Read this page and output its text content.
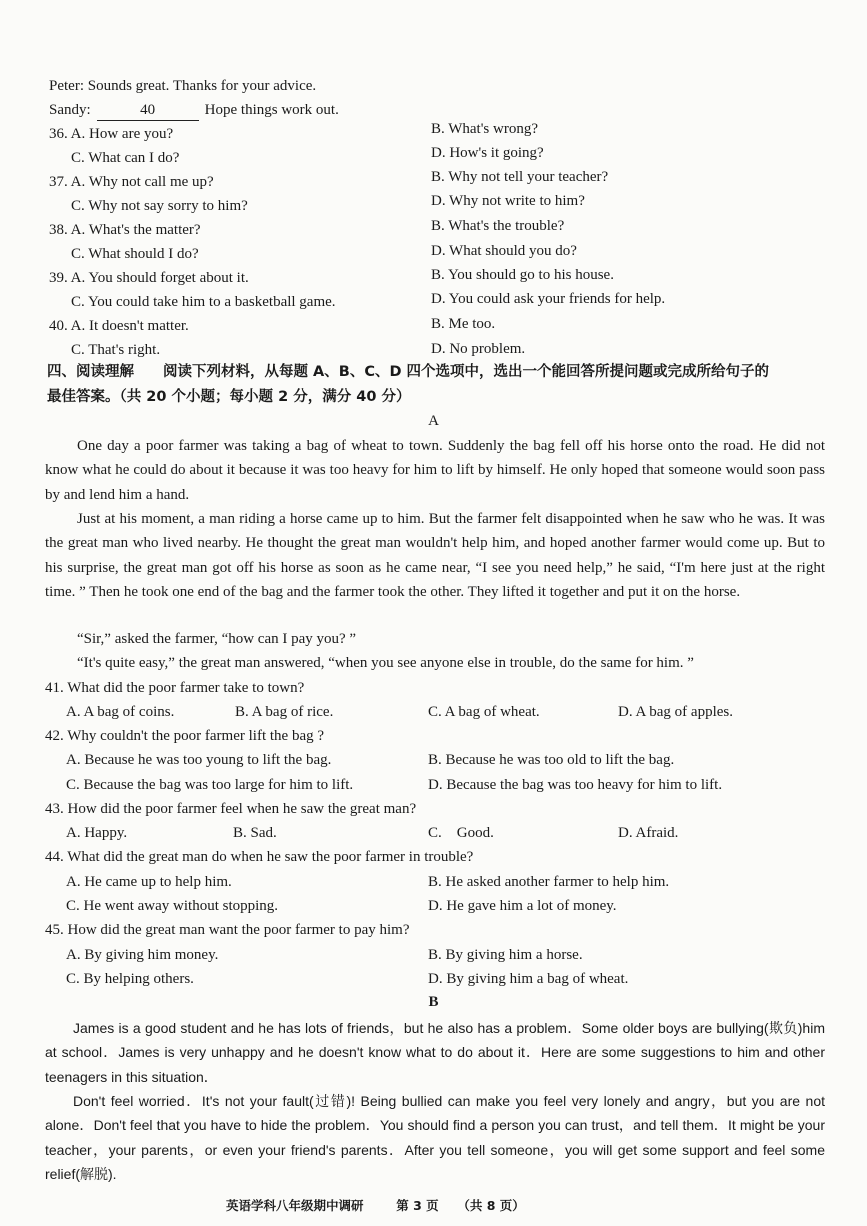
Peter: Sounds great. Thanks for your advice.
Sandy:	40	Hope things work out.
36. A. How are you?	B. What's wrong?
C. What can I do?	D. How's it going?
37. A. Why not call me up?	B. Why not tell your teacher?
C. Why not say sorry to him?	D. Why not write to him?
38. A. What's the matter?	B. What's the trouble?
C. What should I do?	D. What should you do?
39. A. You should forget about it.	B. You should go to his house.
C. You could take him to a basketball game.	D. You could ask your friends for help.
40. A. It doesn't matter.	B. Me too.
C. That's right.	D. No problem.
四、阅读理解　　阅读下列材料，从每题 A、B、C、D 四个选项中，选出一个能回答所提问题或完成所给句子的
最佳答案。（共 20 个小题；每小题 2 分，满分 40 分）
A
One day a poor farmer was taking a bag of wheat to town. Suddenly the bag fell off his horse onto the road. He did not know what he could do about it because it was too heavy for him to lift by himself. He only hoped that someone would soon pass by and lend him a hand.
Just at his moment, a man riding a horse came up to him. But the farmer felt disappointed when he saw who he was. It was the great man who lived nearby. He thought the great man wouldn't help him, and hoped another farmer would come up. But to his surprise, the great man got off his horse as soon as he came near, “I see you need help,” he said, “I'm here just at the right time. ” Then he took one end of the bag and the farmer took the other. They lifted it together and put it on the horse.
“Sir,” asked the farmer, “how can I pay you? ”
“It's quite easy,” the great man answered, “when you see anyone else in trouble, do the same for him. ”
41. What did the poor farmer take to town?
A. A bag of coins.	B. A bag of rice.	C. A bag of wheat.	D. A bag of apples.
42. Why couldn't the poor farmer lift the bag ?
A. Because he was too young to lift the bag.	B. Because he was too old to lift the bag.
C. Because the bag was too large for him to lift.	D. Because the bag was too heavy for him to lift.
43. How did the poor farmer feel when he saw the great man?
A. Happy.	B. Sad.	C.　Good.	D. Afraid.
44. What did the great man do when he saw the poor farmer in trouble?
A. He came up to help him.	B. He asked another farmer to help him.
C. He went away without stopping.	D. He gave him a lot of money.
45. How did the great man want the poor farmer to pay him?
A. By giving him money.	B. By giving him a horse.
C. By helping others.	D. By giving him a bag of wheat.
B
James is a good student and he has lots of friends，but he also has a problem．Some older boys are bullying(欺负)him at school．James is very unhappy and he doesn't know what to do about it．Here are some suggestions to him and other teenagers in this situation．
Don't feel worried．It's not your fault(过错)! Being bullied can make you feel very lonely and angry，but you are not alone．Don't feel that you have to hide the problem．You should find a person you can trust，and tell them．It might be your teacher，your parents，or even your friend's parents．After you tell someone，you will get some support and feel some relief(解脱).
英语学科八年级期中调研	第 3 页 （共 8 页）
